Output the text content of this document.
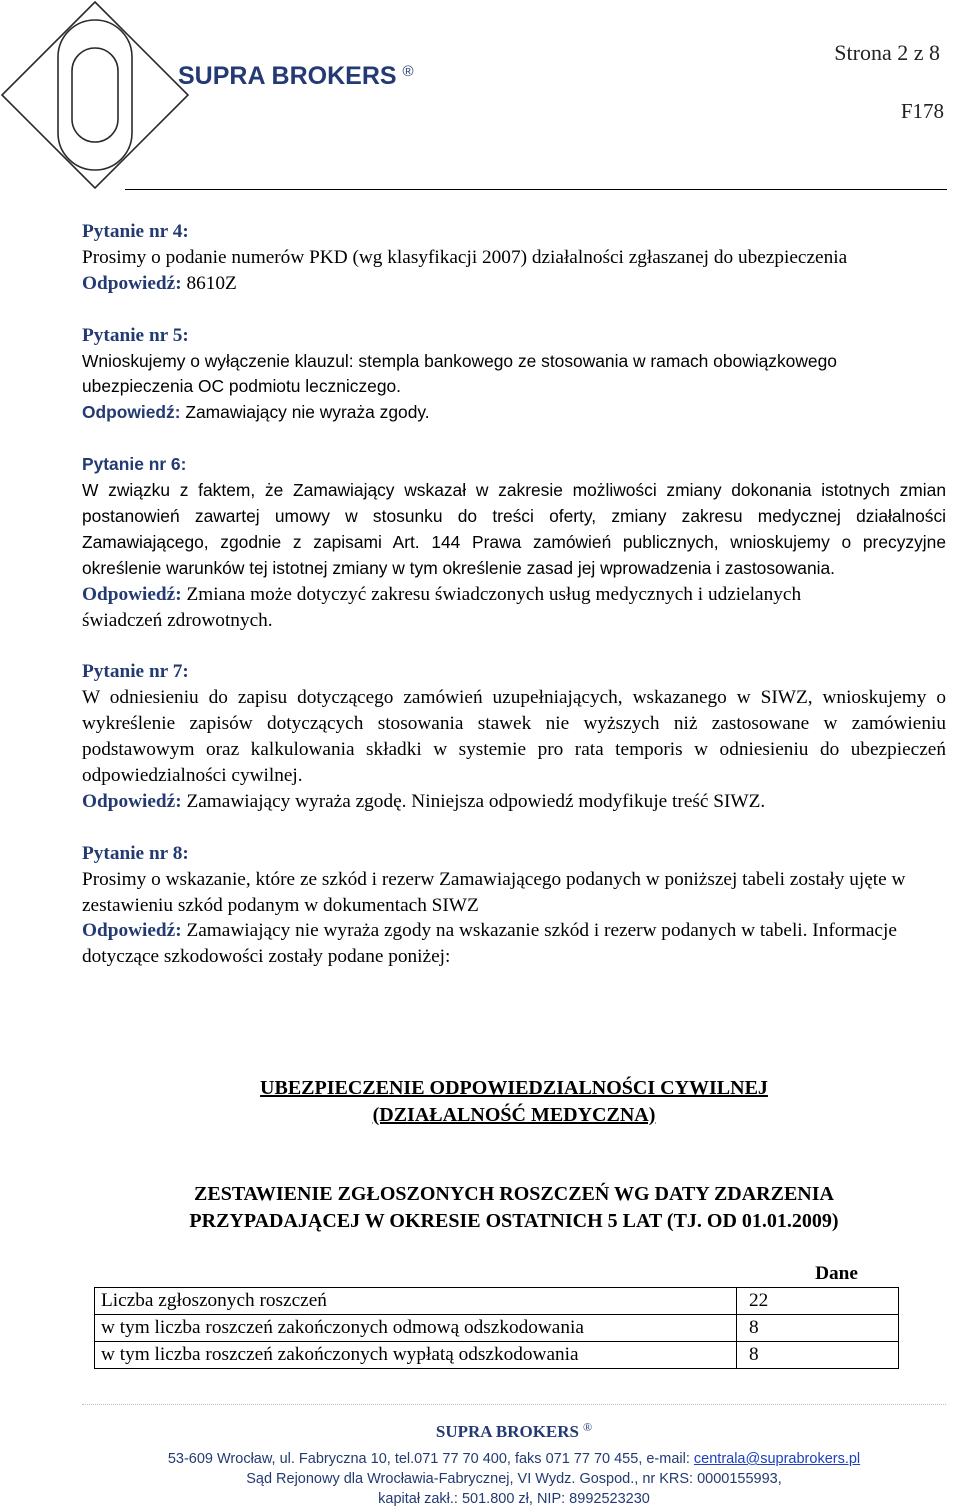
SUPRA BROKERS ®
Strona 2 z 8
F178

Pytanie nr 4:

Prosimy o podanie numerów PKD (wg klasyfikacji 2007) działalności zgłaszanej do ubezpieczenia

Odpowiedź: 8610Z

Pytanie nr 5:

Wnioskujemy o wyłączenie klauzul: stempla bankowego ze stosowania w ramach obowiązkowego ubezpieczenia OC podmiotu leczniczego.

Odpowiedź: Zamawiający nie wyraża zgody.

Pytanie nr 6:

W związku z faktem, że Zamawiający wskazał w zakresie możliwości zmiany dokonania istotnych zmian postanowień zawartej umowy w stosunku do treści oferty, zmiany zakresu medycznej działalności Zamawiającego, zgodnie z zapisami Art. 144 Prawa zamówień publicznych, wnioskujemy o precyzyjne określenie warunków tej istotnej zmiany w tym określenie zasad jej wprowadzenia i zastosowania.

Odpowiedź: Zmiana może dotyczyć zakresu świadczonych usług medycznych i udzielanych świadczeń zdrowotnych.

Pytanie nr 7:

W odniesieniu do zapisu dotyczącego zamówień uzupełniających, wskazanego w SIWZ, wnioskujemy o wykreślenie zapisów dotyczących stosowania stawek nie wyższych niż zastosowane w zamówieniu podstawowym oraz kalkulowania składki w systemie pro rata temporis w odniesieniu do ubezpieczeń odpowiedzialności cywilnej.

Odpowiedź: Zamawiający wyraża zgodę. Niniejsza odpowiedź modyfikuje treść SIWZ.

Pytanie nr 8:

Prosimy o wskazanie, które ze szkód i rezerw Zamawiającego podanych w poniższej tabeli zostały ujęte w zestawieniu szkód podanym w dokumentach SIWZ

Odpowiedź: Zamawiający nie wyraża zgody na wskazanie szkód i rezerw podanych w tabeli. Informacje dotyczące szkodowości zostały podane poniżej:

UBEZPIECZENIE ODPOWIEDZIALNOŚCI CYWILNEJ
(DZIAŁALNOŚĆ MEDYCZNA)
ZESTAWIENIE ZGŁOSZONYCH ROSZCZEŃ WG DATY ZDARZENIA
PRZYPADAJĄCEJ W OKRESIE OSTATNICH 5 LAT (TJ. OD 01.01.2009)
		Dane
Liczba zgłoszonych roszczeń	22	
w tym liczba roszczeń zakończonych odmową odszkodowania	8	
w tym liczba roszczeń zakończonych wypłatą odszkodowania	8	
SUPRA BROKERS ®
53-609 Wrocław, ul. Fabryczna 10, tel.071 77 70 400, faks 071 77 70 455, e-mail: centrala@suprabrokers.pl
Sąd Rejonowy dla Wrocławia-Fabrycznej, VI Wydz. Gospod., nr KRS: 0000155993,
kapitał zakł.: 501.800 zł, NIP: 8992523230
